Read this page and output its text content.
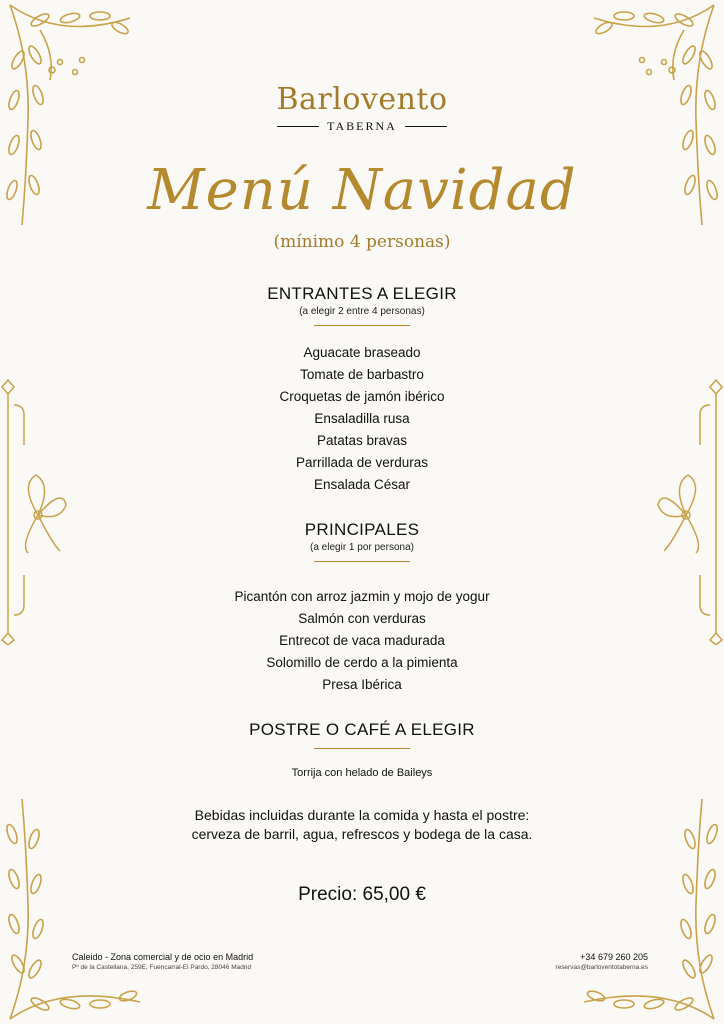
Barlovento
TABERNA
Menú Navidad
(mínimo 4 personas)
ENTRANTES A ELEGIR
(a elegir 2 entre 4 personas)
Aguacate braseado
Tomate de barbastro
Croquetas de jamón ibérico
Ensaladilla rusa
Patatas bravas
Parrillada de verduras
Ensalada César
PRINCIPALES
(a elegir 1 por persona)
Picantón con arroz jazmin y mojo de yogur
Salmón con verduras
Entrecot de vaca madurada
Solomillo de cerdo a la pimienta
Presa Ibérica
POSTRE O CAFÉ A ELEGIR
Torrija con helado de Baileys
Bebidas incluidas durante la comida y hasta el postre: cerveza de barril, agua, refrescos y bodega de la casa.
Precio: 65,00 €
Caleido - Zona comercial y de ocio en Madrid
Pº de la Castellana, 259E, Fuencarral-El Pardo, 28046 Madrid
+34 679 260 205
reservas@barloventotaberna.es
